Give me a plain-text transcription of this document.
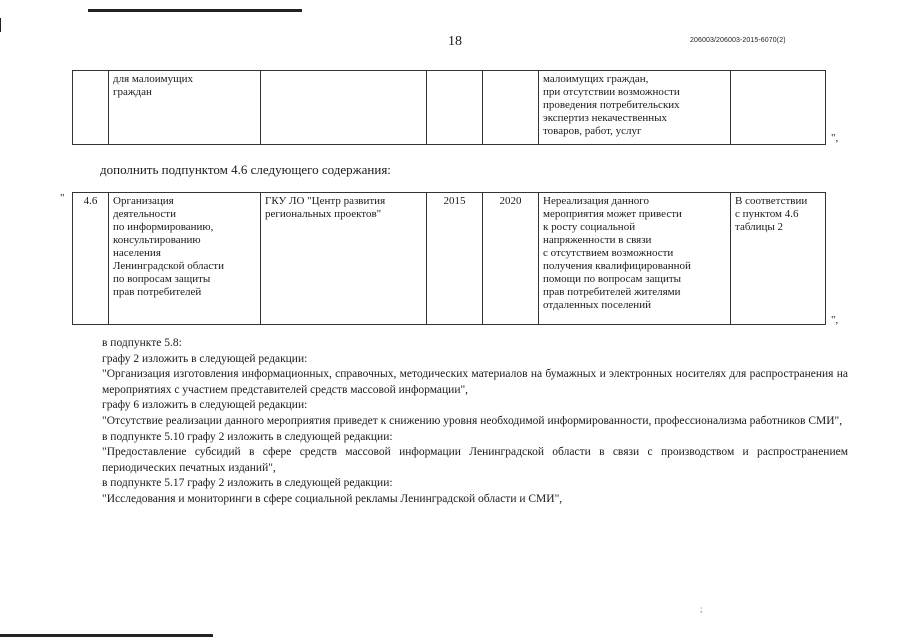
18	206003/206003-2015-6070(2)
	для малоимущих
граждан				малоимущих граждан,
при отсутствии возможности
проведения потребительских
экспертиз некачественных
товаров, работ, услуг	
",
дополнить подпунктом 4.6 следующего содержания:
" 4.6	Организация
деятельности
по информированию,
консультированию
населения
Ленинградской области
по вопросам защиты
прав потребителей	ГКУ ЛО "Центр развития
региональных проектов"	2015	2020	Нереализация данного
мероприятия может привести
к росту социальной
напряженности в связи
с отсутствием возможности
получения квалифицированной
помощи по вопросам защиты
прав потребителей жителями
отдаленных поселений	В соответствии
с пунктом 4.6
таблицы 2
",

в подпункте 5.8:

графу 2 изложить в следующей редакции:

"Организация изготовления информационных, справочных, методических материалов на бумажных и электронных носителях для распространения на мероприятиях с участием представителей средств массовой информации",

графу 6 изложить в следующей редакции:

"Отсутствие реализации данного мероприятия приведет к снижению уровня необходимой информированности, профессионализма работников СМИ",

в подпункте 5.10 графу 2 изложить в следующей редакции:

"Предоставление субсидий в сфере средств массовой информации Ленинградской области в связи с производством и распространением периодических печатных изданий",

в подпункте 5.17 графу 2 изложить в следующей редакции:

"Исследования и мониторинги в сфере социальной рекламы Ленинградской области и СМИ",

;
